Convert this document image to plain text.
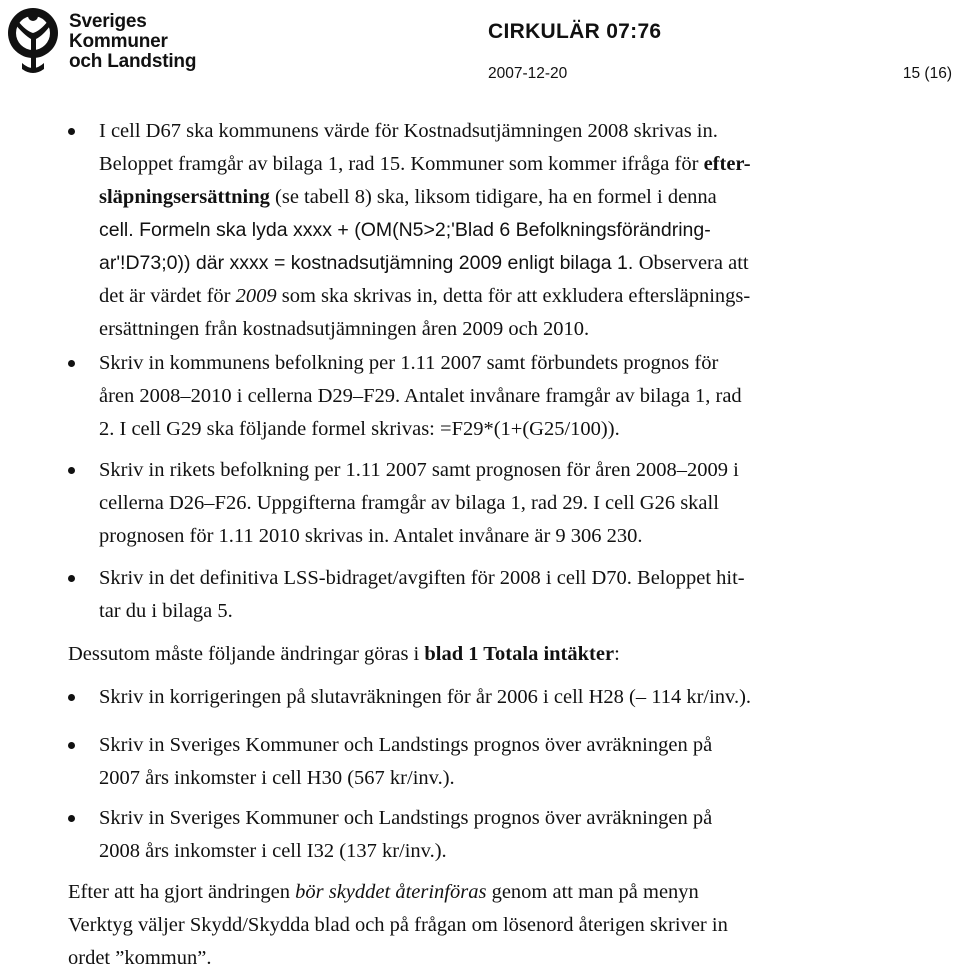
Sveriges
Kommuner
och Landsting
CIRKULÄR 07:76
2007-12-20	15 (16)
I cell D67 ska kommunens värde för Kostnadsutjämningen 2008 skrivas in.
Beloppet framgår av bilaga 1, rad 15. Kommuner som kommer ifråga för efter-
släpningsersättning (se tabell 8) ska, liksom tidigare, ha en formel i denna
cell. Formeln ska lyda xxxx + (OM(N5>2;'Blad 6 Befolkningsförändring-
ar'!D73;0)) där xxxx = kostnadsutjämning 2009 enligt bilaga 1. Observera att
det är värdet för 2009 som ska skrivas in, detta för att exkludera eftersläpnings-
ersättningen från kostnadsutjämningen åren 2009 och 2010.
Skriv in kommunens befolkning per 1.11 2007 samt förbundets prognos för
åren 2008–2010 i cellerna D29–F29. Antalet invånare framgår av bilaga 1, rad
2. I cell G29 ska följande formel skrivas: =F29*(1+(G25/100)).
Skriv in rikets befolkning per 1.11 2007 samt prognosen för åren 2008–2009 i
cellerna D26–F26. Uppgifterna framgår av bilaga 1, rad 29. I cell G26 skall
prognosen för 1.11 2010 skrivas in. Antalet invånare är 9 306 230.
Skriv in det definitiva LSS-bidraget/avgiften för 2008 i cell D70. Beloppet hit-
tar du i bilaga 5.
Dessutom måste följande ändringar göras i blad 1 Totala intäkter:
Skriv in korrigeringen på slutavräkningen för år 2006 i cell H28 (– 114 kr/inv.).
Skriv in Sveriges Kommuner och Landstings prognos över avräkningen på
2007 års inkomster i cell H30 (567 kr/inv.).
Skriv in Sveriges Kommuner och Landstings prognos över avräkningen på
2008 års inkomster i cell I32 (137 kr/inv.).
Efter att ha gjort ändringen bör skyddet återinföras genom att man på menyn
Verktyg väljer Skydd/Skydda blad och på frågan om lösenord återigen skriver in
ordet ”kommun”.
